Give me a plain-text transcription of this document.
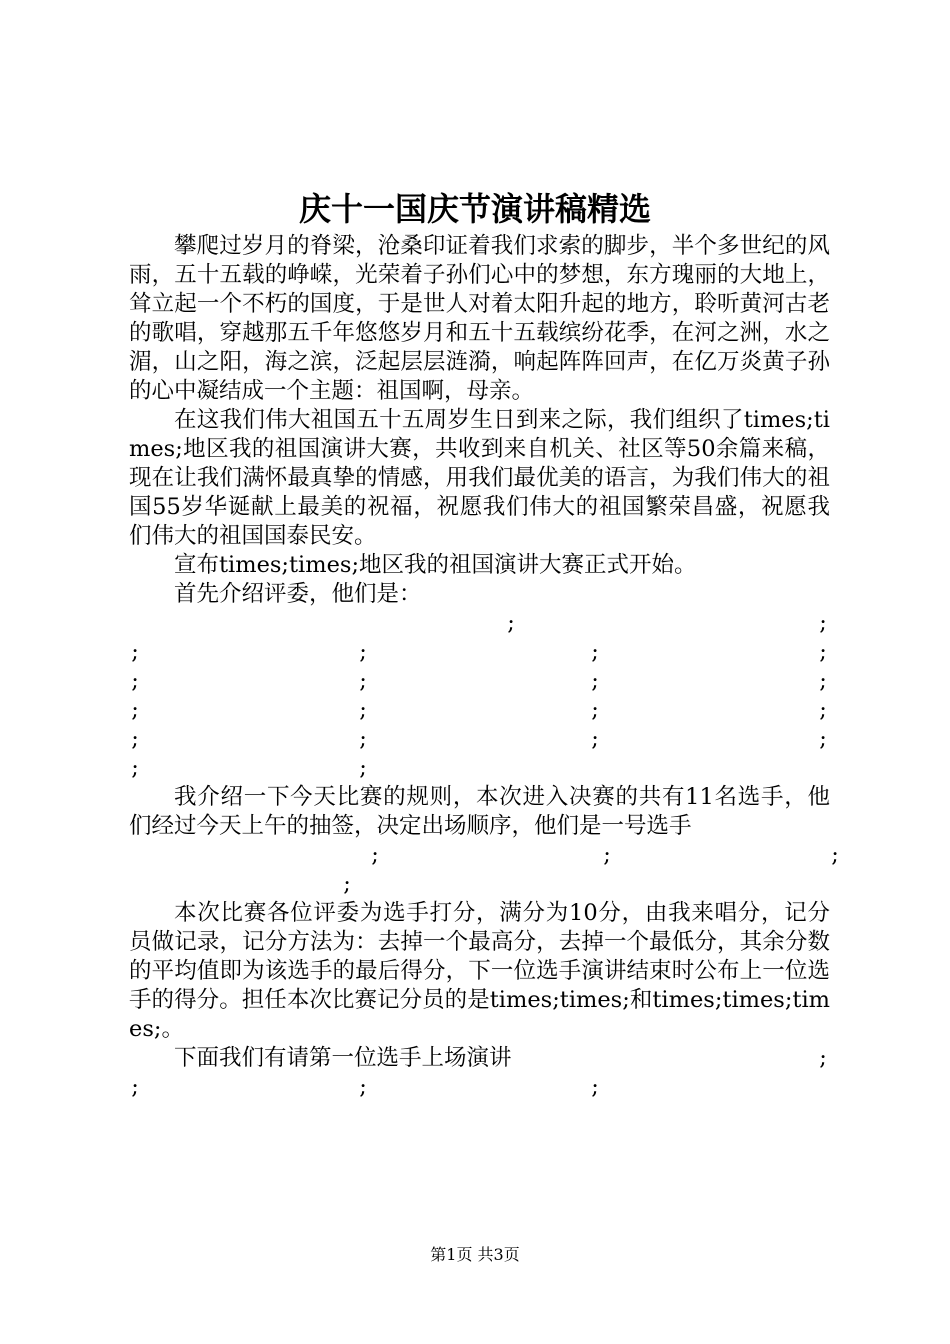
庆十一国庆节演讲稿精选

攀爬过岁月的脊梁，沧桑印证着我们求索的脚步，半个多世纪的风雨，五十五载的峥嵘，光荣着子孙们心中的梦想，东方瑰丽的大地上，耸立起一个不朽的国度，于是世人对着太阳升起的地方，聆听黄河古老的歌唱，穿越那五千年悠悠岁月和五十五载缤纷花季，在河之洲，水之湄，山之阳，海之滨，泛起层层涟漪，响起阵阵回声，在亿万炎黄子孙的心中凝结成一个主题：祖国啊，母亲。

在这我们伟大祖国五十五周岁生日到来之际，我们组织了times;times;地区我的祖国演讲大赛，共收到来自机关、社区等50余篇来稿，现在让我们满怀最真挚的情感，用我们最优美的语言，为我们伟大的祖国55岁华诞献上最美的祝福，祝愿我们伟大的祖国繁荣昌盛，祝愿我们伟大的祖国国泰民安。

宣布times;times;地区我的祖国演讲大赛正式开始。

首先介绍评委，他们是：

;	;
;	;	;	;
;	;	;	;
;	;	;	;
;	;	;	;
;	;

我介绍一下今天比赛的规则，本次进入决赛的共有11名选手，他们经过今天上午的抽签，决定出场顺序，他们是一号选手

;	;	;
;

本次比赛各位评委为选手打分，满分为10分，由我来唱分，记分员做记录，记分方法为：去掉一个最高分，去掉一个最低分，其余分数的平均值即为该选手的最后得分，下一位选手演讲结束时公布上一位选手的得分。担任本次比赛记分员的是times;times;和times;times;times;。

下面我们有请第一位选手上场演讲	;
;	;	;
第1页 共3页
